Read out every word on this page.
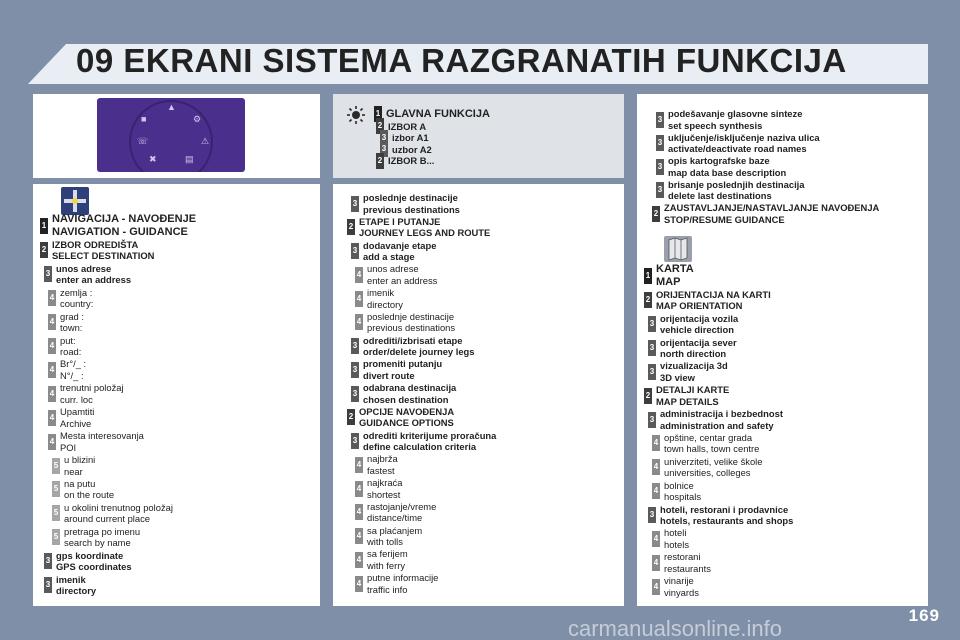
09 EKRANI SISTEMA RAZGRANATIH FUNKCIJA
▲
■	⚙
☏	⚠
✖	▤
1 GLAVNA FUNKCIJA
2 IZBOR A
3 izbor A1
3 uzbor A2
2 IZBOR B...
1 NAVIGACIJA - NAVOĐENJE
NAVIGATION - GUIDANCE
2 IZBOR ODREDIŠTA
SELECT DESTINATION
3 unos adrese
enter an address
4 zemlja :
country:
4 grad :
town:
4 put:
road:
4 Br°/_ :
N°/_ :
4 trenutni položaj
curr. loc
4 Upamtiti
Archive
4 Mesta interesovanja
POI
5 u blizini
near
5 na putu
on the route
5 u okolini trenutnog položaj
around current place
5 pretraga po imenu
search by name
3 gps koordinate
GPS coordinates
3 imenik
directory
3 poslednje destinacije
previous destinations
2 ETAPE I PUTANJE
JOURNEY LEGS AND ROUTE
3 dodavanje etape
add a stage
4 unos adrese
enter an address
4 imenik
directory
4 poslednje destinacije
previous destinations
3 odrediti/izbrisati etape
order/delete journey legs
3 promeniti putanju
divert route
3 odabrana destinacija
chosen destination
2 OPCIJE NAVOĐENJA
GUIDANCE OPTIONS
3 odrediti kriterijume proračuna
define calculation criteria
4 najbrža
fastest
4 najkraća
shortest
4 rastojanje/vreme
distance/time
4 sa plaćanjem
with tolls
4 sa ferijem
with ferry
4 putne informacije
traffic info
3 podešavanje glasovne sinteze
set speech synthesis
3 uključenje/isključenje naziva ulica
activate/deactivate road names
3 opis kartografske baze
map data base description
3 brisanje poslednjih destinacija
delete last destinations
2 ZAUSTAVLJANJE/NASTAVLJANJE NAVOĐENJA
STOP/RESUME GUIDANCE
1 KARTA
MAP
2 ORIJENTACIJA NA KARTI
MAP ORIENTATION
3 orijentacija vozila
vehicle direction
3 orijentacija sever
north direction
3 vizualizacija 3d
3D view
2 DETALJI KARTE
MAP DETAILS
3 administracija i bezbednost
administration and safety
4 opštine, centar grada
town halls, town centre
4 univerziteti, velike škole
universities, colleges
4 bolnice
hospitals
3 hoteli, restorani i prodavnice
hotels, restaurants and shops
4 hoteli
hotels
4 restorani
restaurants
4 vinarije
vinyards
169
carmanualsonline.info
